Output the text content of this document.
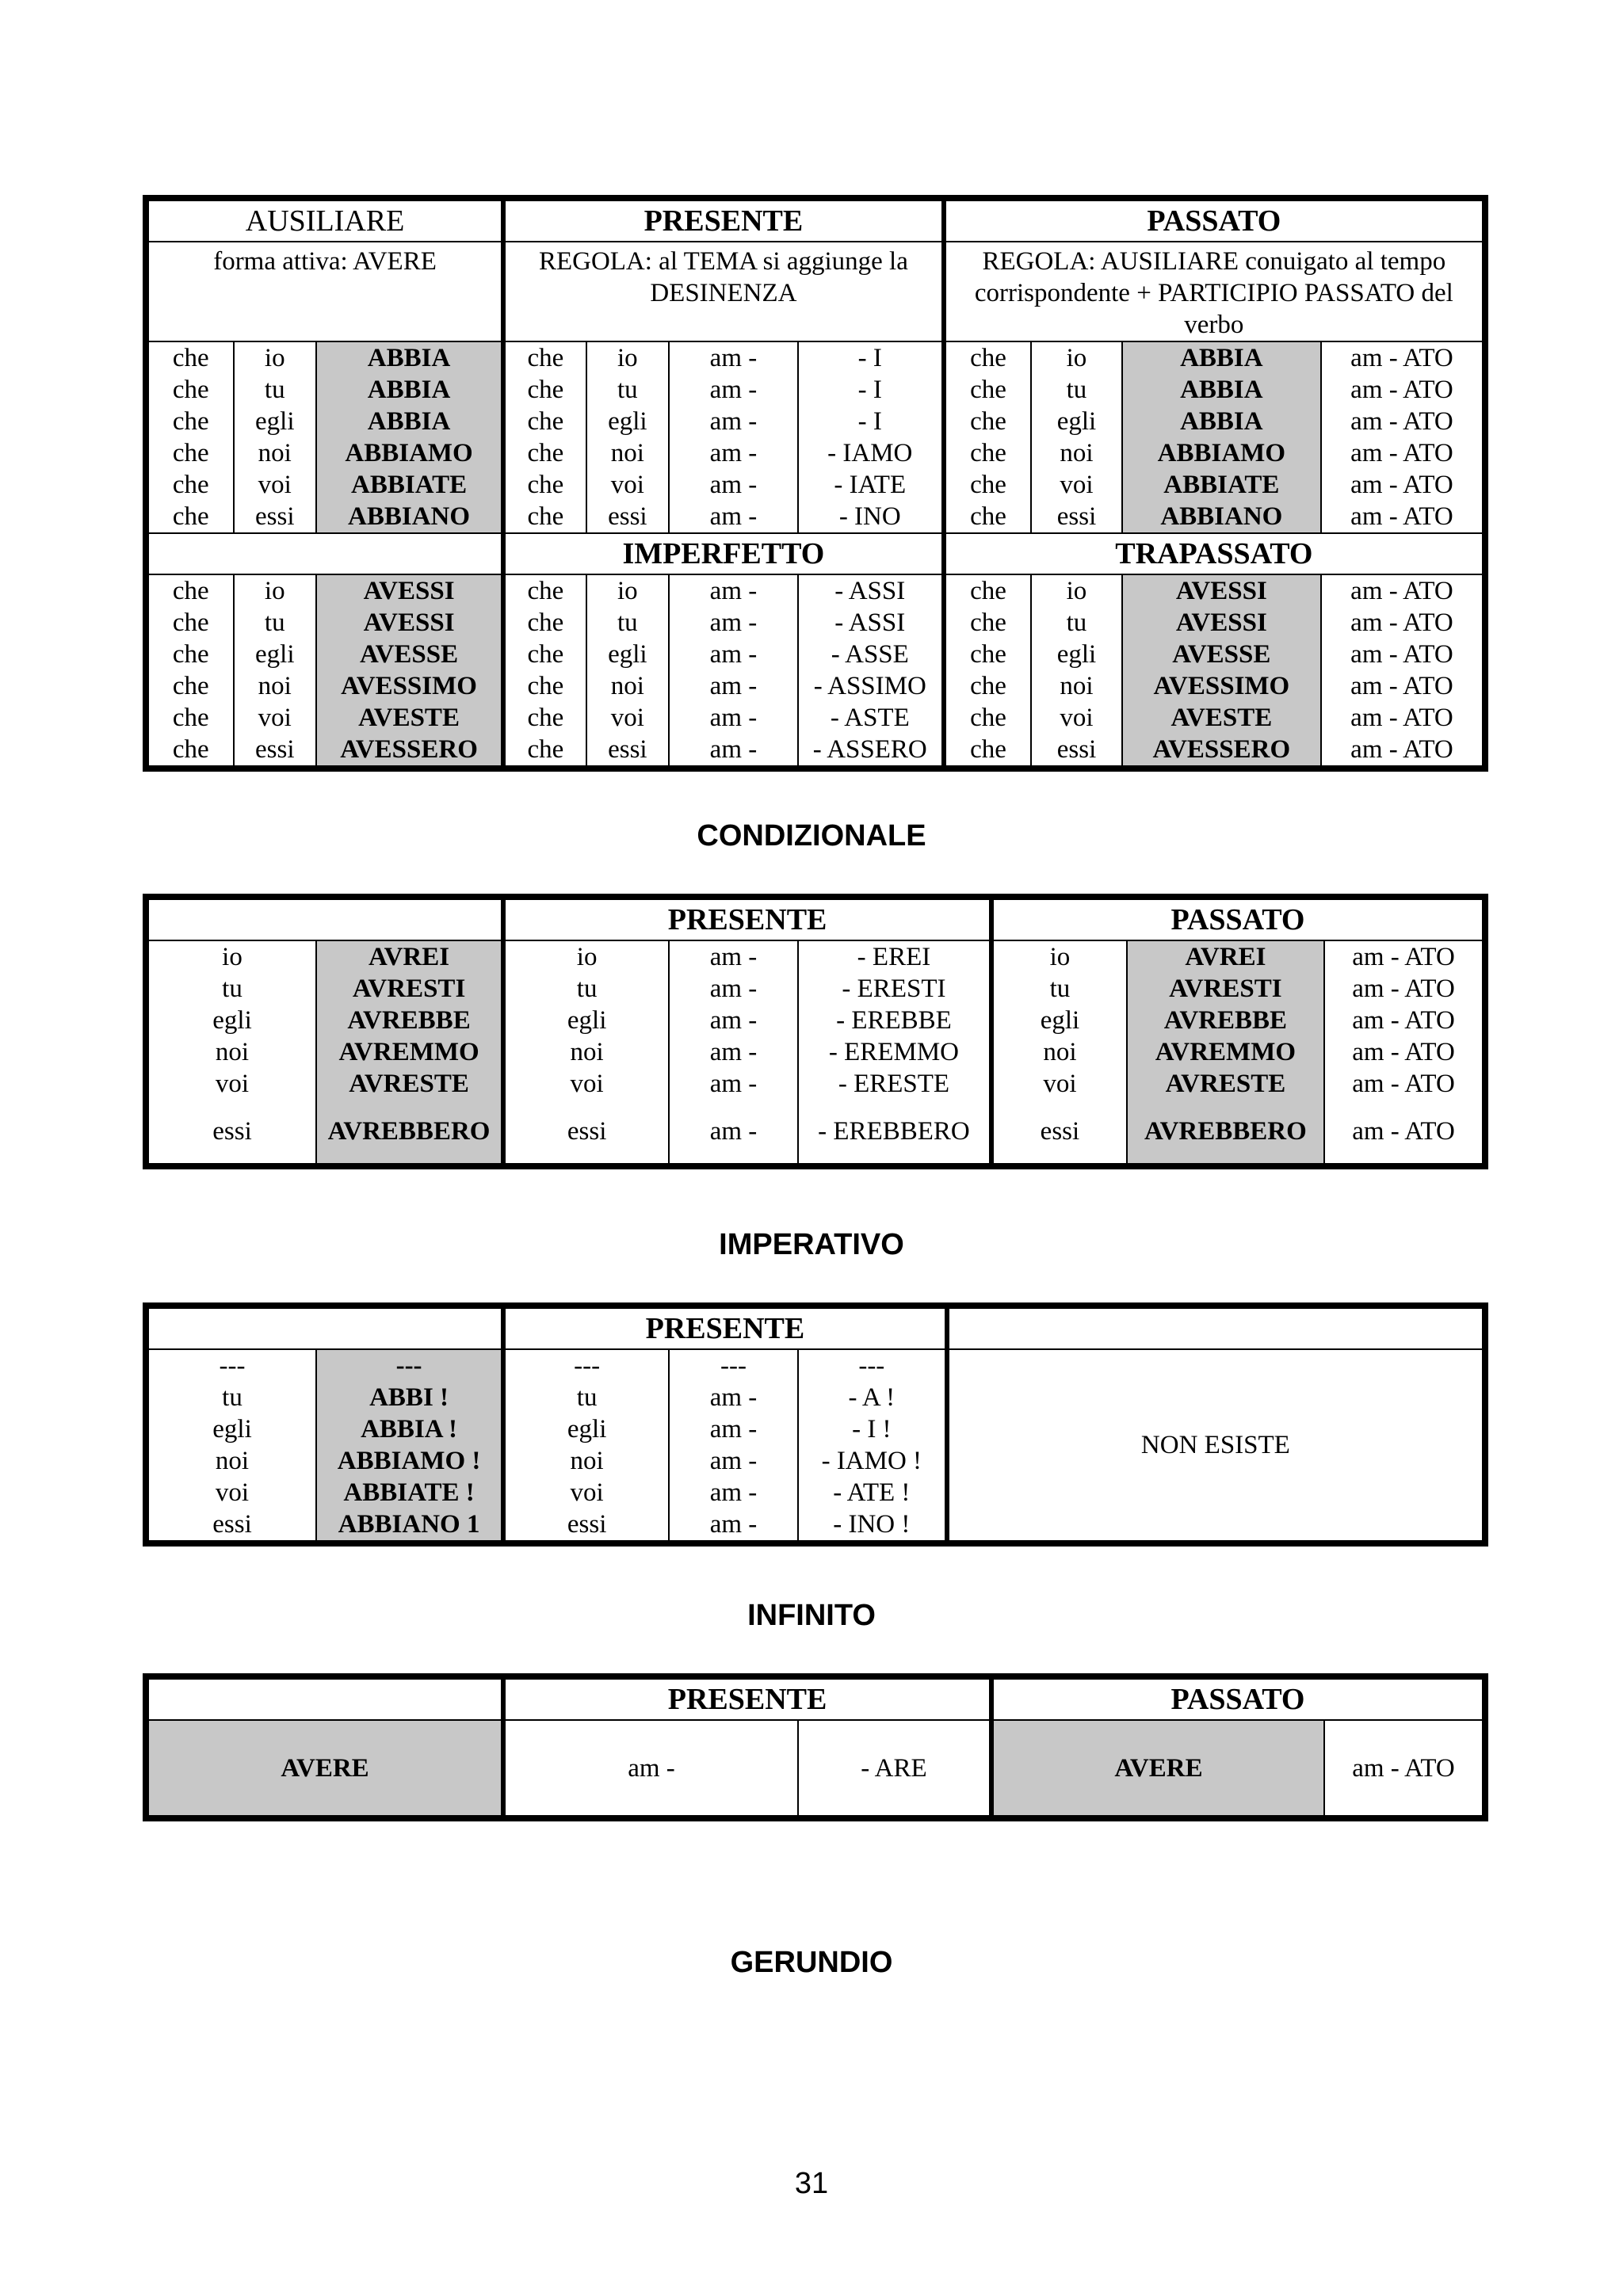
AUSILIARE			PRESENTE				PASSATO			
forma attiva: AVERE			REGOLA: al TEMA si aggiunge la DESINENZA				REGOLA: AUSILIARE conuigato al tempo corrispondente + PARTICIPIO PASSATO del verbo			
che	io	ABBIA	che	io	am -	- I	che	io	ABBIA	am - ATO
che	tu	ABBIA	che	tu	am -	- I	che	tu	ABBIA	am - ATO
che	egli	ABBIA	che	egli	am -	- I	che	egli	ABBIA	am - ATO
che	noi	ABBIAMO	che	noi	am -	- IAMO	che	noi	ABBIAMO	am - ATO
che	voi	ABBIATE	che	voi	am -	- IATE	che	voi	ABBIATE	am - ATO
che	essi	ABBIANO	che	essi	am -	- INO	che	essi	ABBIANO	am - ATO
			IMPERFETTO				TRAPASSATO			
che	io	AVESSI	che	io	am -	- ASSI	che	io	AVESSI	am - ATO
che	tu	AVESSI	che	tu	am -	- ASSI	che	tu	AVESSI	am - ATO
che	egli	AVESSE	che	egli	am -	- ASSE	che	egli	AVESSE	am - ATO
che	noi	AVESSIMO	che	noi	am -	- ASSIMO	che	noi	AVESSIMO	am - ATO
che	voi	AVESTE	che	voi	am -	- ASTE	che	voi	AVESTE	am - ATO
che	essi	AVESSERO	che	essi	am -	- ASSERO	che	essi	AVESSERO	am - ATO
CONDIZIONALE
		PRESENTE			PASSATO		
io	AVREI	io	am -	- EREI	io	AVREI	am - ATO
tu	AVRESTI	tu	am -	- ERESTI	tu	AVRESTI	am - ATO
egli	AVREBBE	egli	am -	- EREBBE	egli	AVREBBE	am - ATO
noi	AVREMMO	noi	am -	- EREMMO	noi	AVREMMO	am - ATO
voi	AVRESTE	voi	am -	- ERESTE	voi	AVRESTE	am - ATO
essi	AVREBBERO	essi	am -	- EREBBERO	essi	AVREBBERO	am - ATO
IMPERATIVO
		PRESENTE			
---	---	---	---	---	NON ESISTE
tu	ABBI !	tu	am -	- A !	
egli	ABBIA !	egli	am -	- I !	
noi	ABBIAMO !	noi	am -	- IAMO !	
voi	ABBIATE !	voi	am -	- ATE !	
essi	ABBIANO 1	essi	am -	- INO !	
INFINITO
	PRESENTE		PASSATO	
AVERE	am -	- ARE	AVERE	am - ATO
GERUNDIO
31
